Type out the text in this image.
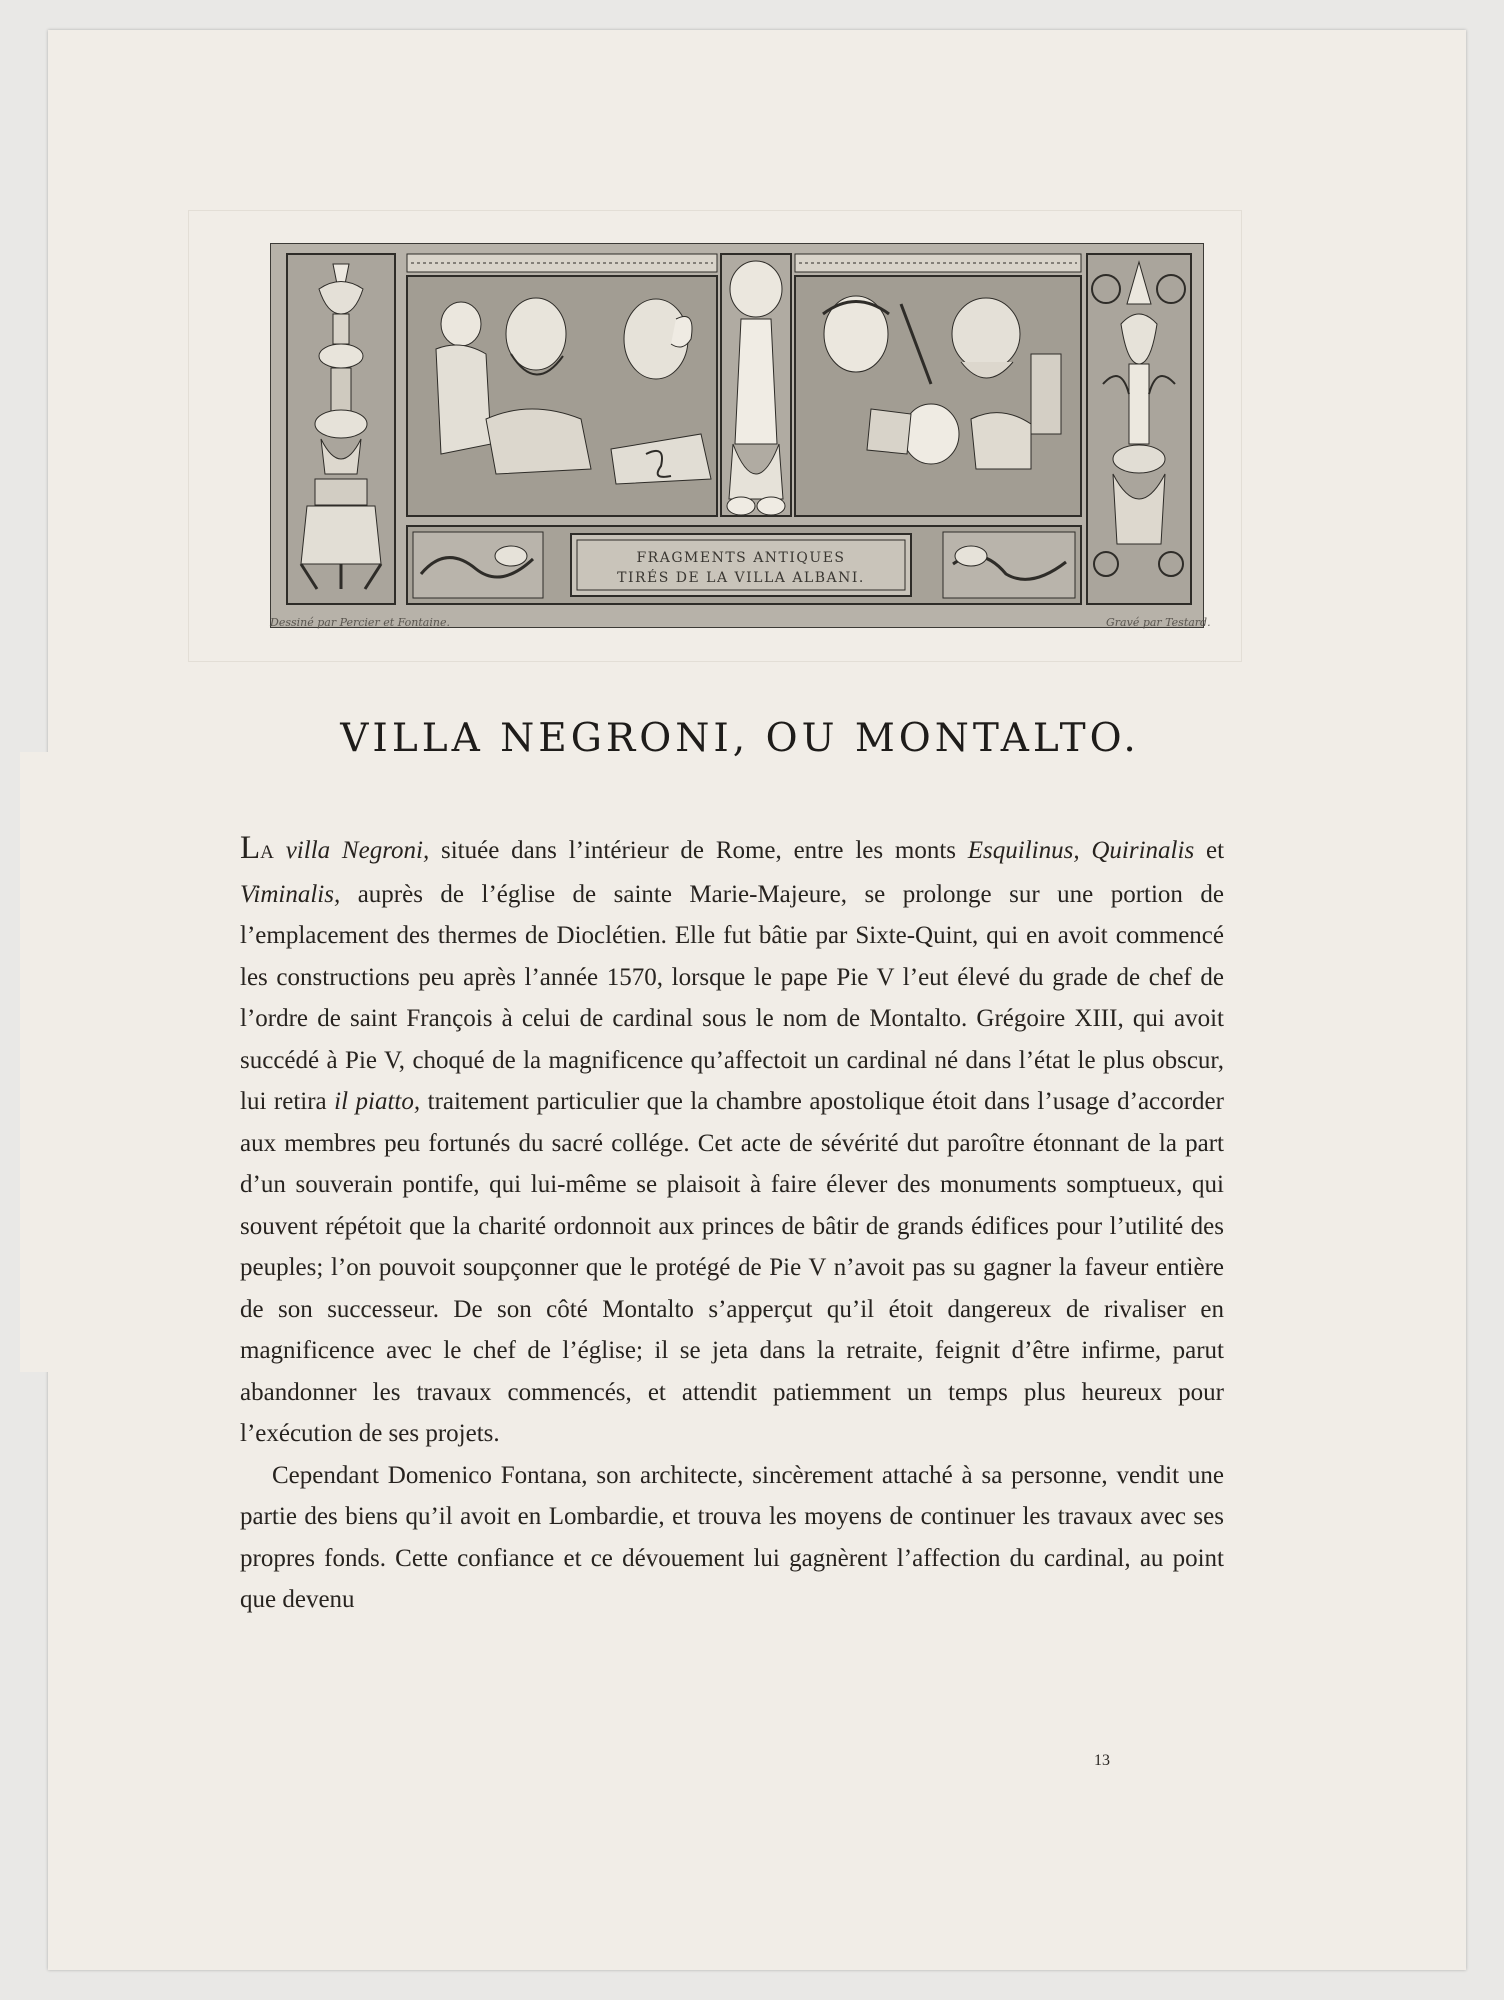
FRAGMENTS ANTIQUES
TIRÉS DE LA VILLA ALBANI.
Dessiné par Percier et Fontaine.	Gravé par Testard.
VILLA NEGRONI, OU MONTALTO.

LA villa Negroni, située dans l’intérieur de Rome, entre les monts Esquilinus, Quirinalis et Viminalis, auprès de l’église de sainte Marie-Majeure, se prolonge sur une portion de l’emplacement des thermes de Dioclétien. Elle fut bâtie par Sixte-Quint, qui en avoit commencé les constructions peu après l’année 1570, lorsque le pape Pie V l’eut élevé du grade de chef de l’ordre de saint François à celui de cardinal sous le nom de Montalto. Grégoire XIII, qui avoit succédé à Pie V, choqué de la magnificence qu’affectoit un cardinal né dans l’état le plus obscur, lui retira il piatto, traitement particulier que la chambre apostolique étoit dans l’usage d’accorder aux membres peu fortunés du sacré collége. Cet acte de sévérité dut paroître étonnant de la part d’un souverain pontife, qui lui-même se plaisoit à faire élever des monuments somptueux, qui souvent répétoit que la charité ordonnoit aux princes de bâtir de grands édifices pour l’utilité des peuples; l’on pouvoit soupçonner que le protégé de Pie V n’avoit pas su gagner la faveur entière de son successeur. De son côté Montalto s’apperçut qu’il étoit dangereux de rivaliser en magnificence avec le chef de l’église; il se jeta dans la retraite, feignit d’être infirme, parut abandonner les travaux commencés, et attendit patiemment un temps plus heureux pour l’exécution de ses projets.

Cependant Domenico Fontana, son architecte, sincèrement attaché à sa personne, vendit une partie des biens qu’il avoit en Lombardie, et trouva les moyens de continuer les travaux avec ses propres fonds. Cette confiance et ce dévouement lui gagnèrent l’affection du cardinal, au point que devenu

13
